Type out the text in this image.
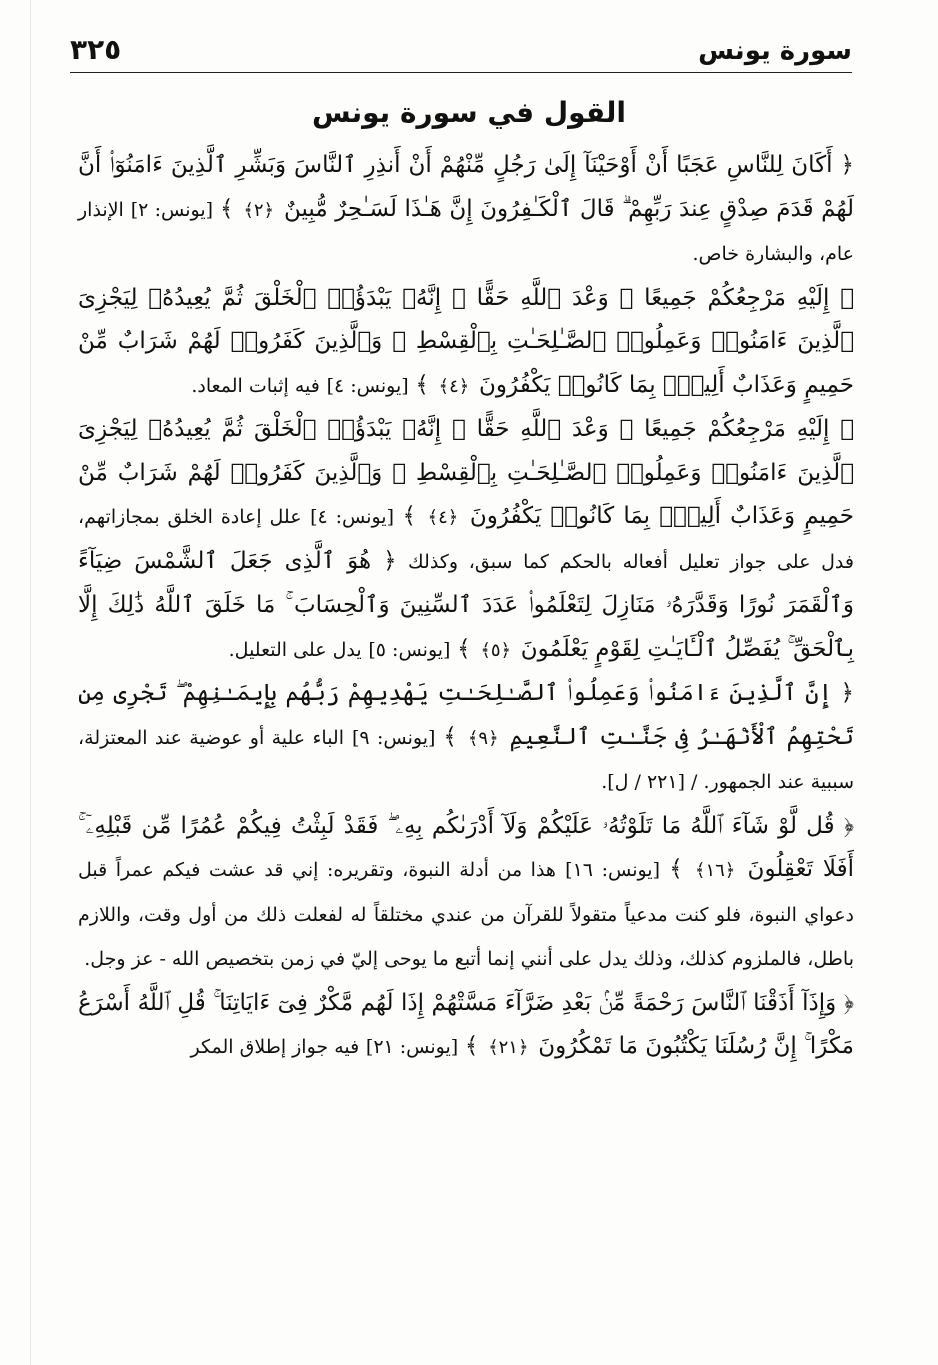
٣٢٥	سورة يونس
القول في سورة يونس

﴿ أَكَانَ لِلنَّاسِ عَجَبًا أَنْ أَوْحَيْنَآ إِلَىٰ رَجُلٍ مِّنْهُمْ أَنْ أَنذِرِ ٱلنَّاسَ وَبَشِّرِ ٱلَّذِينَ ءَامَنُوٓا۟ أَنَّ لَهُمْ قَدَمَ صِدْقٍ عِندَ رَبِّهِمْ ۗ قَالَ ٱلْكَـٰفِرُونَ إِنَّ هَـٰذَا لَسَـٰحِرٌ مُّبِينٌ ﴿٢﴾ ﴾ [يونس: ٢] الإنذار عام، والبشارة خاص.

﴿ إِلَيْهِ مَرْجِعُكُمْ جَمِيعًا ۖ وَعْدَ ٱللَّهِ حَقًّا ۚ إِنَّهُۥ يَبْدَؤُا۟ ٱلْخَلْقَ ثُمَّ يُعِيدُهُۥ لِيَجْزِىَ ٱلَّذِينَ ءَامَنُوا۟ وَعَمِلُوا۟ ٱلصَّـٰلِحَـٰتِ بِٱلْقِسْطِ ۚ وَٱلَّذِينَ كَفَرُوا۟ لَهُمْ شَرَابٌ مِّنْ حَمِيمٍ وَعَذَابٌ أَلِيمٌۢ بِمَا كَانُوا۟ يَكْفُرُونَ ﴿٤﴾ ﴾ [يونس: ٤] فيه إثبات المعاد.

﴿ إِلَيْهِ مَرْجِعُكُمْ جَمِيعًا ۖ وَعْدَ ٱللَّهِ حَقًّا ۚ إِنَّهُۥ يَبْدَؤُا۟ ٱلْخَلْقَ ثُمَّ يُعِيدُهُۥ لِيَجْزِىَ ٱلَّذِينَ ءَامَنُوا۟ وَعَمِلُوا۟ ٱلصَّـٰلِحَـٰتِ بِٱلْقِسْطِ ۚ وَٱلَّذِينَ كَفَرُوا۟ لَهُمْ شَرَابٌ مِّنْ حَمِيمٍ وَعَذَابٌ أَلِيمٌۢ بِمَا كَانُوا۟ يَكْفُرُونَ ﴿٤﴾ ﴾ [يونس: ٤] علل إعادة الخلق بمجازاتهم، فدل على جواز تعليل أفعاله بالحكم كما سبق، وكذلك ﴿ هُوَ ٱلَّذِى جَعَلَ ٱلشَّمْسَ ضِيَآءً وَٱلْقَمَرَ نُورًا وَقَدَّرَهُۥ مَنَازِلَ لِتَعْلَمُوا۟ عَدَدَ ٱلسِّنِينَ وَٱلْحِسَابَ ۚ مَا خَلَقَ ٱللَّهُ ذَٰلِكَ إِلَّا بِٱلْحَقِّ ۚ يُفَصِّلُ ٱلْـَٔايَـٰتِ لِقَوْمٍ يَعْلَمُونَ ﴿٥﴾ ﴾ [يونس: ٥] يدل على التعليل.

﴿ إِنَّ ٱلَّذِينَ ءَامَنُوا۟ وَعَمِلُوا۟ ٱلصَّـٰلِحَـٰتِ يَهْدِيهِمْ رَبُّهُم بِإِيمَـٰنِهِمْ ۖ تَجْرِى مِن تَحْتِهِمُ ٱلْأَنْهَـٰرُ فِى جَنَّـٰتِ ٱلنَّعِيمِ ﴿٩﴾ ﴾ [يونس: ٩] الباء علية أو عوضية عند المعتزلة، سببية عند الجمهور. / [٢٢١ / ل].

﴿ قُل لَّوْ شَآءَ ٱللَّهُ مَا تَلَوْتُهُۥ عَلَيْكُمْ وَلَآ أَدْرَىٰكُم بِهِۦ ۖ فَقَدْ لَبِثْتُ فِيكُمْ عُمُرًا مِّن قَبْلِهِۦٓ ۚ أَفَلَا تَعْقِلُونَ ﴿١٦﴾ ﴾ [يونس: ١٦] هذا من أدلة النبوة، وتقريره: إني قد عشت فيكم عمراً قبل دعواي النبوة، فلو كنت مدعياً متقولاً للقرآن من عندي مختلقاً له لفعلت ذلك من أول وقت، واللازم باطل، فالملزوم كذلك، وذلك يدل على أنني إنما أتبع ما يوحى إليّ في زمن بتخصيص الله - عز وجل.

﴿ وَإِذَآ أَذَقْنَا ٱلنَّاسَ رَحْمَةً مِّنۢ بَعْدِ ضَرَّآءَ مَسَّتْهُمْ إِذَا لَهُم مَّكْرٌ فِىٓ ءَايَاتِنَا ۚ قُلِ ٱللَّهُ أَسْرَعُ مَكْرًا ۚ إِنَّ رُسُلَنَا يَكْتُبُونَ مَا تَمْكُرُونَ ﴿٢١﴾ ﴾ [يونس: ٢١] فيه جواز إطلاق المكر
